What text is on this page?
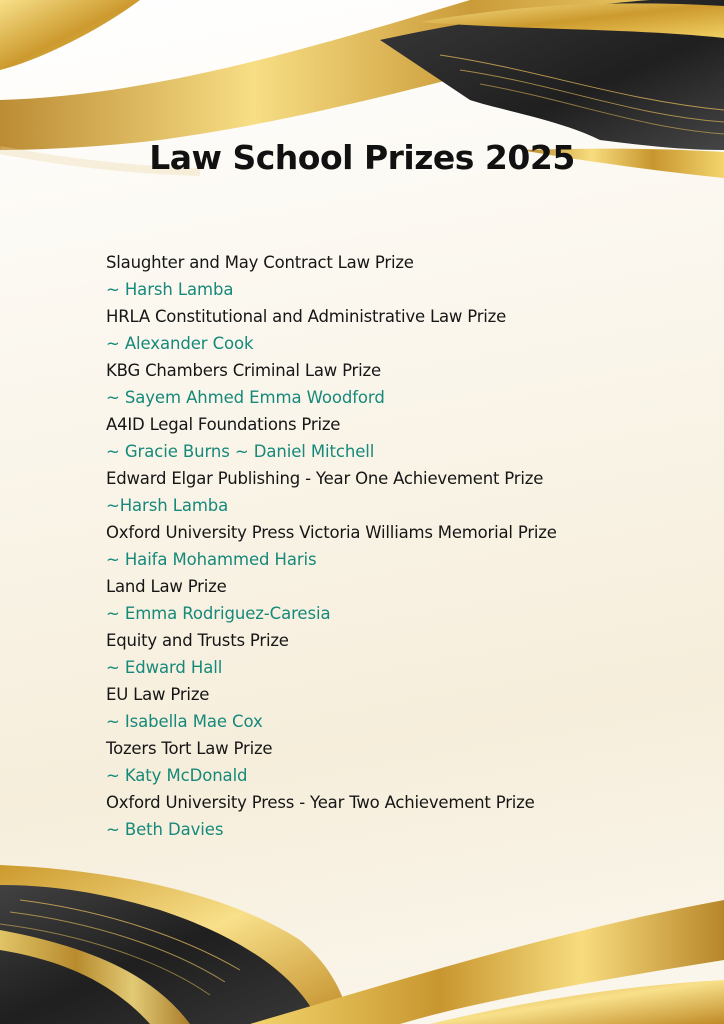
Law School Prizes 2025
Slaughter and May Contract Law Prize
~ Harsh Lamba
HRLA Constitutional and Administrative Law Prize
~ Alexander Cook
KBG Chambers Criminal Law Prize
~ Sayem Ahmed Emma Woodford
A4ID Legal Foundations Prize
~ Gracie Burns ~ Daniel Mitchell
Edward Elgar Publishing - Year One Achievement Prize
~Harsh Lamba
Oxford University Press Victoria Williams Memorial Prize
~ Haifa Mohammed Haris
Land Law Prize
~ Emma Rodriguez-Caresia
Equity and Trusts Prize
~ Edward Hall
EU Law Prize
~ Isabella Mae Cox
Tozers Tort Law Prize
~ Katy McDonald
Oxford University Press - Year Two Achievement Prize
~ Beth Davies
